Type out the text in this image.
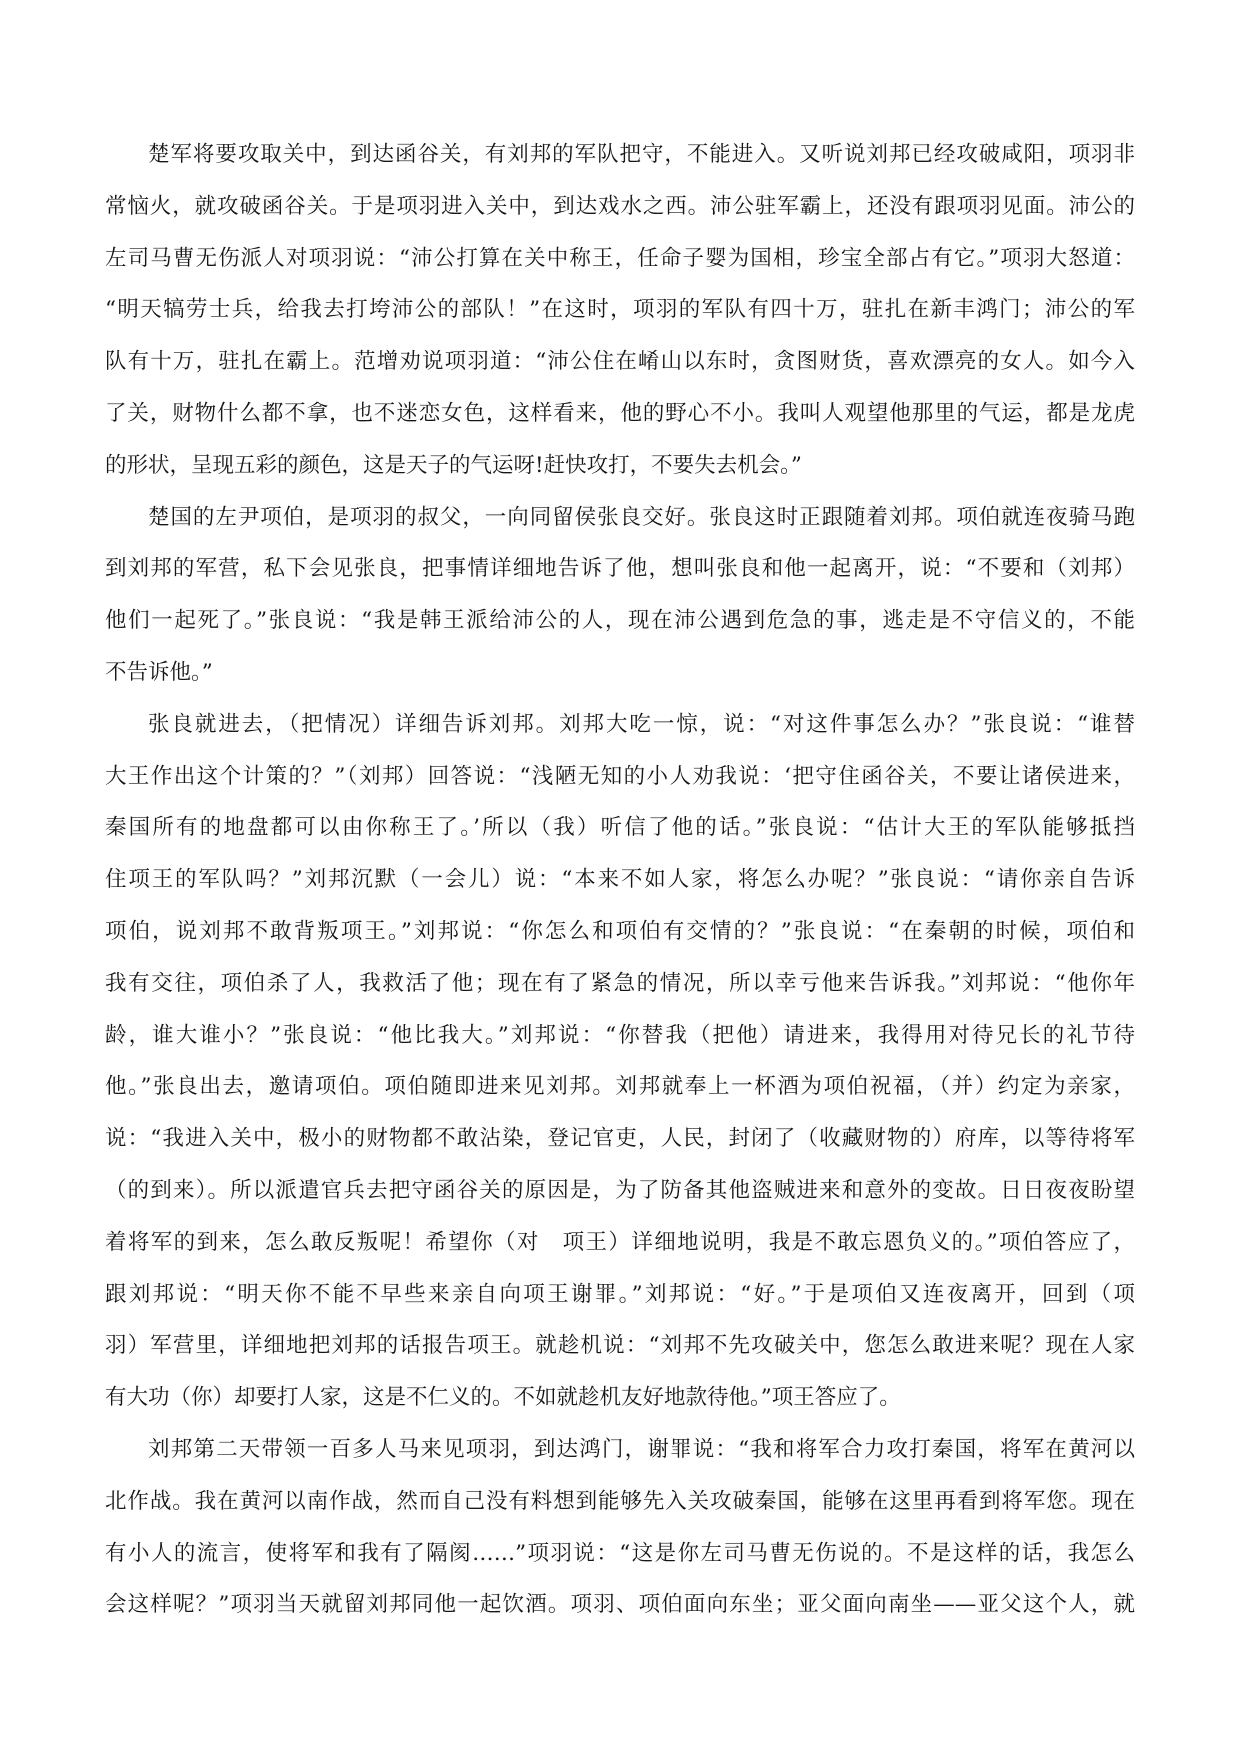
楚军将要攻取关中，到达函谷关，有刘邦的军队把守，不能进入。又听说刘邦已经攻破咸阳，项羽非
常恼火，就攻破函谷关。于是项羽进入关中，到达戏水之西。沛公驻军霸上，还没有跟项羽见面。沛公的
左司马曹无伤派人对项羽说：“沛公打算在关中称王，任命子婴为国相，珍宝全部占有它。”项羽大怒道：
“明天犒劳士兵，给我去打垮沛公的部队！”在这时，项羽的军队有四十万，驻扎在新丰鸿门；沛公的军
队有十万，驻扎在霸上。范增劝说项羽道：“沛公住在崤山以东时，贪图财货，喜欢漂亮的女人。如今入
了关，财物什么都不拿，也不迷恋女色，这样看来，他的野心不小。我叫人观望他那里的气运，都是龙虎
的形状，呈现五彩的颜色，这是天子的气运呀!赶快攻打，不要失去机会。”
楚国的左尹项伯，是项羽的叔父，一向同留侯张良交好。张良这时正跟随着刘邦。项伯就连夜骑马跑
到刘邦的军营，私下会见张良，把事情详细地告诉了他，想叫张良和他一起离开，说：“不要和（刘邦）
他们一起死了。”张良说：“我是韩王派给沛公的人，现在沛公遇到危急的事，逃走是不守信义的，不能
不告诉他。”
张良就进去，（把情况）详细告诉刘邦。刘邦大吃一惊，说：“对这件事怎么办？”张良说：“谁替
大王作出这个计策的？”（刘邦）回答说：“浅陋无知的小人劝我说：‘把守住函谷关，不要让诸侯进来，
秦国所有的地盘都可以由你称王了。’所以（我）听信了他的话。”张良说：“估计大王的军队能够抵挡
住项王的军队吗？”刘邦沉默（一会儿）说：“本来不如人家，将怎么办呢？”张良说：“请你亲自告诉
项伯，说刘邦不敢背叛项王。”刘邦说：“你怎么和项伯有交情的？”张良说：“在秦朝的时候，项伯和
我有交往，项伯杀了人，我救活了他；现在有了紧急的情况，所以幸亏他来告诉我。”刘邦说：“他你年
龄，谁大谁小？”张良说：“他比我大。”刘邦说：“你替我（把他）请进来，我得用对待兄长的礼节待
他。”张良出去，邀请项伯。项伯随即进来见刘邦。刘邦就奉上一杯酒为项伯祝福，（并）约定为亲家，
说：“我进入关中，极小的财物都不敢沾染，登记官吏，人民，封闭了（收藏财物的）府库，以等待将军
（的到来）。所以派遣官兵去把守函谷关的原因是，为了防备其他盗贼进来和意外的变故。日日夜夜盼望
着将军的到来，怎么敢反叛呢！希望你（对　项王）详细地说明，我是不敢忘恩负义的。”项伯答应了，
跟刘邦说：“明天你不能不早些来亲自向项王谢罪。”刘邦说：“好。”于是项伯又连夜离开，回到（项
羽）军营里，详细地把刘邦的话报告项王。就趁机说：“刘邦不先攻破关中，您怎么敢进来呢？现在人家
有大功（你）却要打人家，这是不仁义的。不如就趁机友好地款待他。”项王答应了。
刘邦第二天带领一百多人马来见项羽，到达鸿门，谢罪说：“我和将军合力攻打秦国，将军在黄河以
北作战。我在黄河以南作战，然而自己没有料想到能够先入关攻破秦国，能够在这里再看到将军您。现在
有小人的流言，使将军和我有了隔阂……”项羽说：“这是你左司马曹无伤说的。不是这样的话，我怎么
会这样呢？”项羽当天就留刘邦同他一起饮酒。项羽、项伯面向东坐；亚父面向南坐——亚父这个人，就
